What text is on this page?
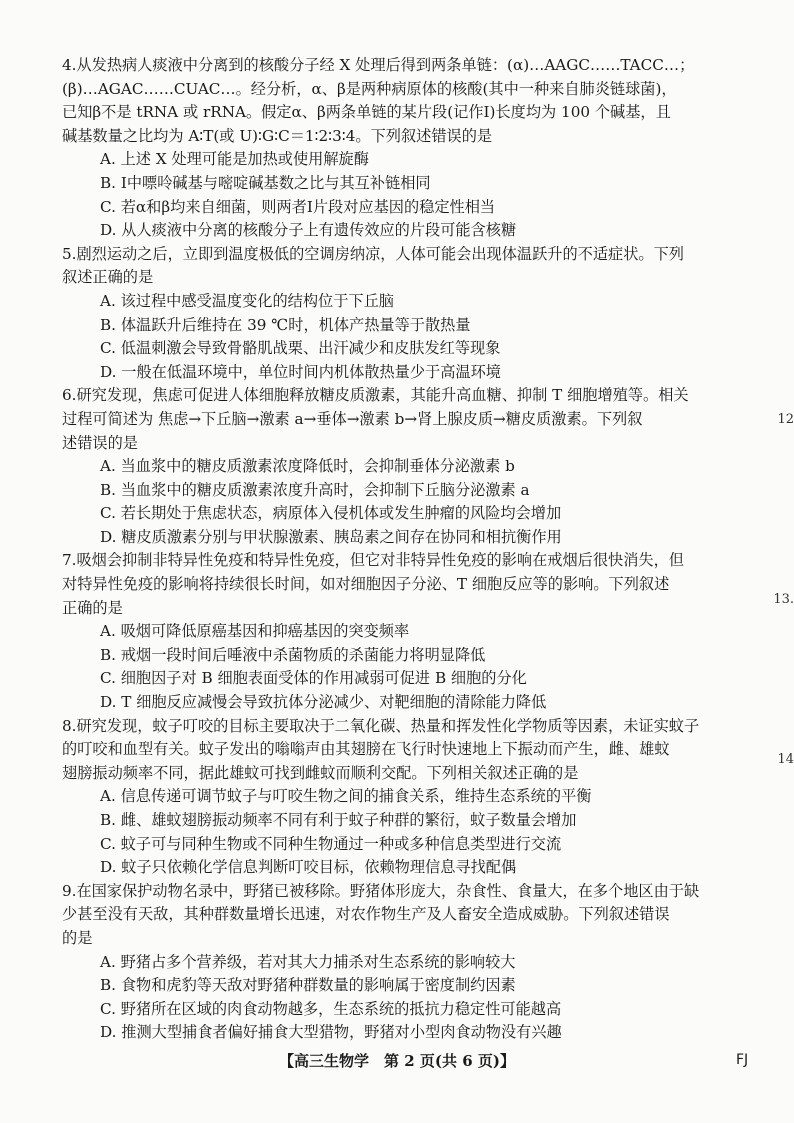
4.从发热病人痰液中分离到的核酸分子经 X 处理后得到两条单链：(α)…AAGC……TACC…；
(β)…AGAC……CUAC…。经分析，α、β是两种病原体的核酸(其中一种来自肺炎链球菌)，
已知β不是 tRNA 或 rRNA。假定α、β两条单链的某片段(记作Ⅰ)长度均为 100 个碱基，且
碱基数量之比均为 A∶T(或 U)∶G∶C＝1∶2∶3∶4。下列叙述错误的是
A. 上述 X 处理可能是加热或使用解旋酶
B. Ⅰ中嘌呤碱基与嘧啶碱基数之比与其互补链相同
C. 若α和β均来自细菌，则两者Ⅰ片段对应基因的稳定性相当
D. 从人痰液中分离的核酸分子上有遗传效应的片段可能含核糖
5.剧烈运动之后，立即到温度极低的空调房纳凉，人体可能会出现体温跃升的不适症状。下列
叙述正确的是
A. 该过程中感受温度变化的结构位于下丘脑
B. 体温跃升后维持在 39 ℃时，机体产热量等于散热量
C. 低温刺激会导致骨骼肌战栗、出汗减少和皮肤发红等现象
D. 一般在低温环境中，单位时间内机体散热量少于高温环境
6.研究发现，焦虑可促进人体细胞释放糖皮质激素，其能升高血糖、抑制 T 细胞增殖等。相关
过程可简述为 焦虑→下丘脑→激素 a→垂体→激素 b→肾上腺皮质→糖皮质激素。下列叙
述错误的是
A. 当血浆中的糖皮质激素浓度降低时，会抑制垂体分泌激素 b
B. 当血浆中的糖皮质激素浓度升高时，会抑制下丘脑分泌激素 a
C. 若长期处于焦虑状态，病原体入侵机体或发生肿瘤的风险均会增加
D. 糖皮质激素分别与甲状腺激素、胰岛素之间存在协同和相抗衡作用
7.吸烟会抑制非特异性免疫和特异性免疫，但它对非特异性免疫的影响在戒烟后很快消失，但
对特异性免疫的影响将持续很长时间，如对细胞因子分泌、T 细胞反应等的影响。下列叙述
正确的是
A. 吸烟可降低原癌基因和抑癌基因的突变频率
B. 戒烟一段时间后唾液中杀菌物质的杀菌能力将明显降低
C. 细胞因子对 B 细胞表面受体的作用减弱可促进 B 细胞的分化
D. T 细胞反应减慢会导致抗体分泌减少、对靶细胞的清除能力降低
8.研究发现，蚊子叮咬的目标主要取决于二氧化碳、热量和挥发性化学物质等因素，未证实蚊子
的叮咬和血型有关。蚊子发出的嗡嗡声由其翅膀在飞行时快速地上下振动而产生，雌、雄蚊
翅膀振动频率不同，据此雄蚊可找到雌蚊而顺利交配。下列相关叙述正确的是
A. 信息传递可调节蚊子与叮咬生物之间的捕食关系，维持生态系统的平衡
B. 雌、雄蚊翅膀振动频率不同有利于蚊子种群的繁衍，蚊子数量会增加
C. 蚊子可与同种生物或不同种生物通过一种或多种信息类型进行交流
D. 蚊子只依赖化学信息判断叮咬目标，依赖物理信息寻找配偶
9.在国家保护动物名录中，野猪已被移除。野猪体形庞大，杂食性、食量大，在多个地区由于缺
少甚至没有天敌，其种群数量增长迅速，对农作物生产及人畜安全造成威胁。下列叙述错误
的是
A. 野猪占多个营养级，若对其大力捕杀对生态系统的影响较大
B. 食物和虎豹等天敌对野猪种群数量的影响属于密度制约因素
C. 野猪所在区域的肉食动物越多，生态系统的抵抗力稳定性可能越高
D. 推测大型捕食者偏好捕食大型猎物，野猪对小型肉食动物没有兴趣
12
13.
14
【高三生物学　第 2 页(共 6 页)】	FJ
